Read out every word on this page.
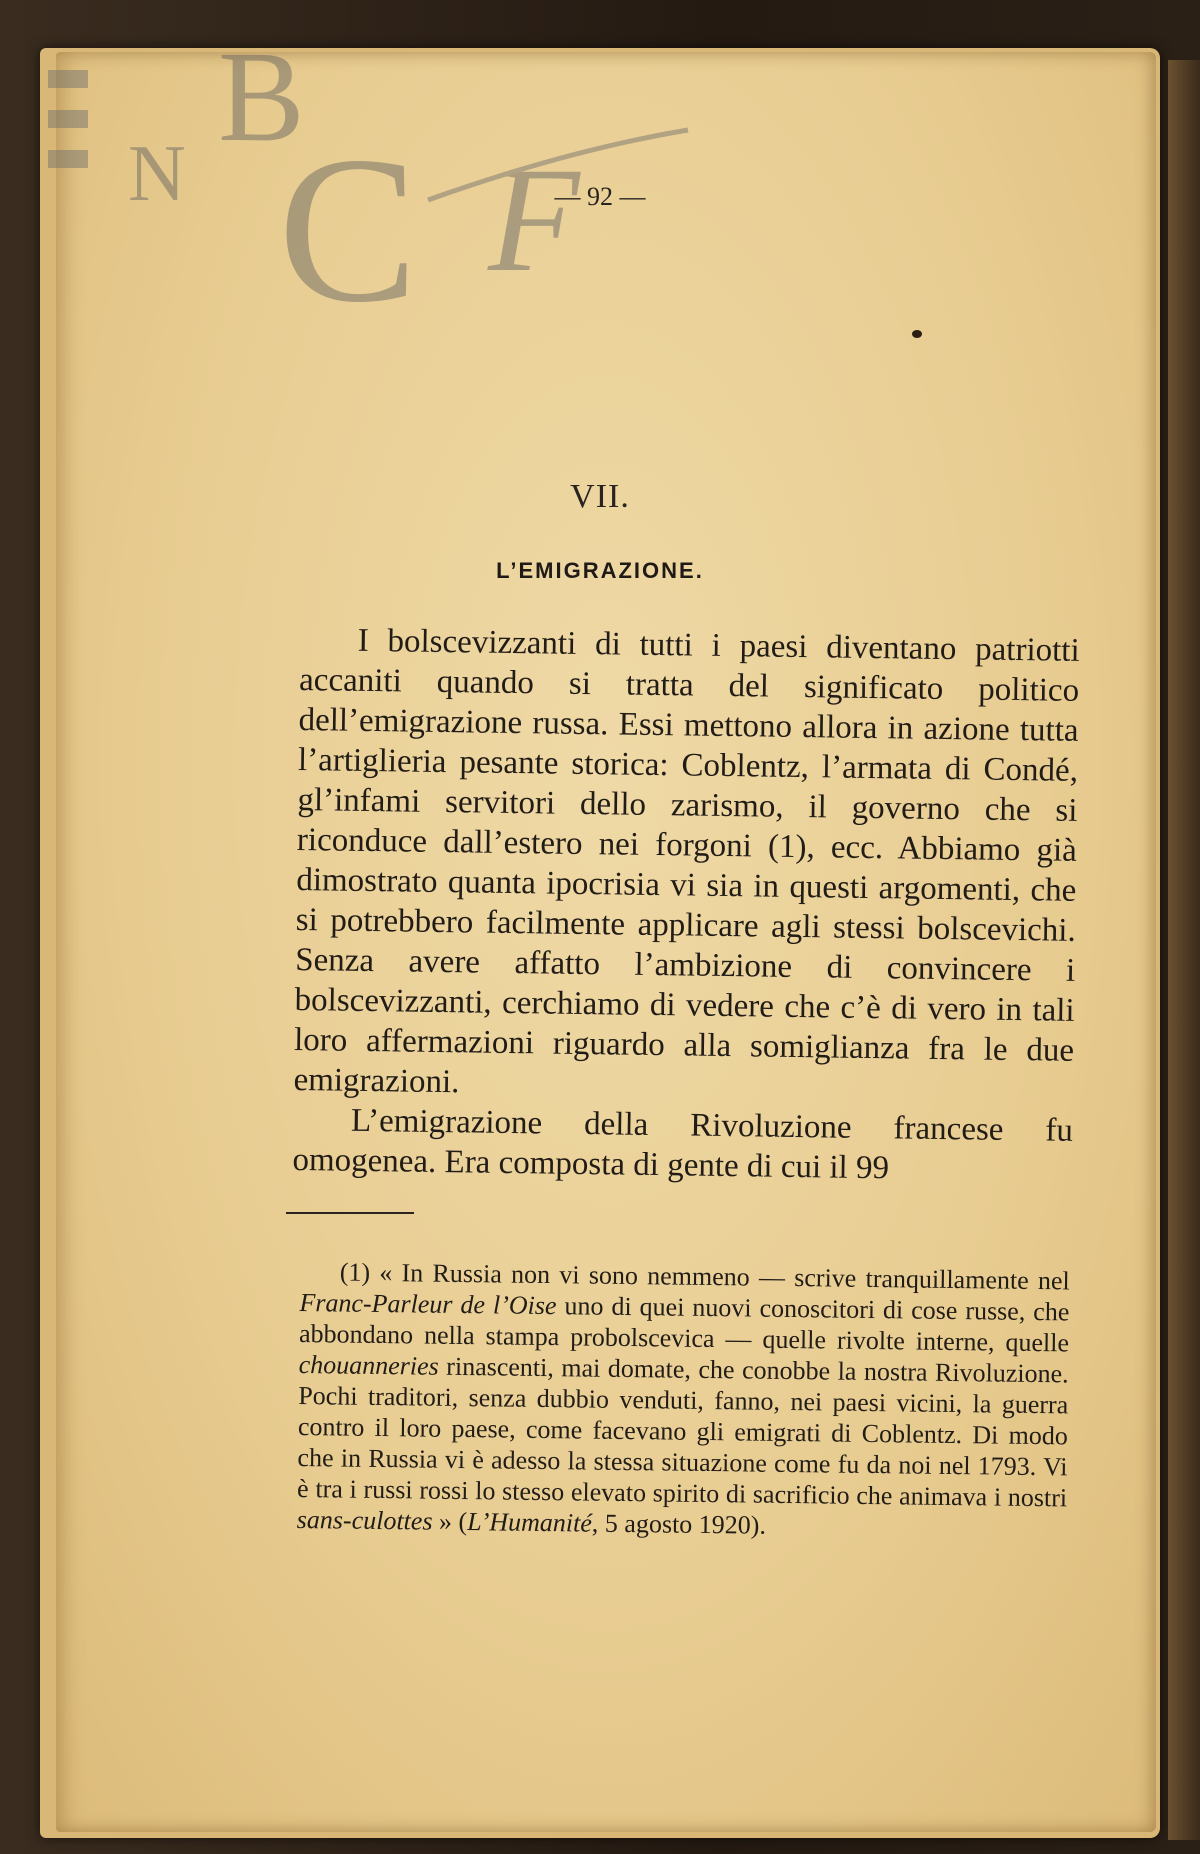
B
N C F
— 92 —
VII.
L’EMIGRAZIONE.

I bolscevizzanti di tutti i paesi diventano patriotti accaniti quando si tratta del significato politico dell’emigrazione russa. Essi mettono allora in azione tutta l’artiglieria pesante storica: Coblentz, l’armata di Condé, gl’infami servitori dello zarismo, il governo che si riconduce dall’estero nei forgoni (1), ecc. Abbiamo già dimostrato quanta ipocrisia vi sia in questi argomenti, che si potrebbero facilmente applicare agli stessi bolscevichi. Senza avere affatto l’ambizione di convincere i bolscevizzanti, cerchiamo di vedere che c’è di vero in tali loro affermazioni riguardo alla somiglianza fra le due emigrazioni.

L’emigrazione della Rivoluzione francese fu omogenea. Era composta di gente di cui il 99

(1) « In Russia non vi sono nemmeno — scrive tranquillamente nel Franc-Parleur de l’Oise uno di quei nuovi conoscitori di cose russe, che abbondano nella stampa probolscevica — quelle rivolte interne, quelle chouanneries rinascenti, mai domate, che conobbe la nostra Rivoluzione. Pochi traditori, senza dubbio venduti, fanno, nei paesi vicini, la guerra contro il loro paese, come facevano gli emigrati di Coblentz. Di modo che in Russia vi è adesso la stessa situazione come fu da noi nel 1793. Vi è tra i russi rossi lo stesso elevato spirito di sacrificio che animava i nostri sans-culottes » (L’Humanité, 5 agosto 1920).
